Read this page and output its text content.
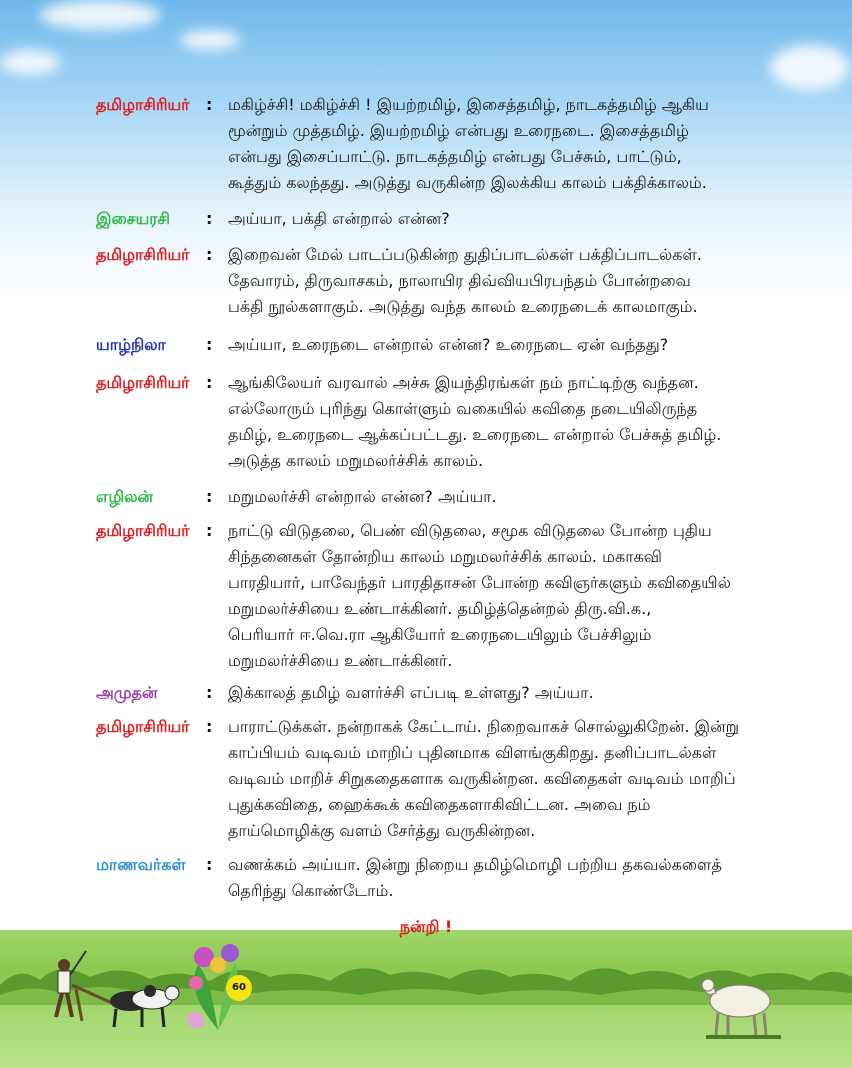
தமிழாசிரியர் : மகிழ்ச்சி! மகிழ்ச்சி ! இயற்றமிழ், இசைத்தமிழ், நாடகத்தமிழ் ஆகிய
மூன்றும் முத்தமிழ். இயற்றமிழ் என்பது உரைநடை. இசைத்தமிழ்
என்பது இசைப்பாட்டு. நாடகத்தமிழ் என்பது பேச்சும், பாட்டும்,
கூத்தும் கலந்தது. அடுத்து வருகின்ற இலக்கிய காலம் பக்திக்காலம்.
இசையரசி : அய்யா, பக்தி என்றால் என்ன?
தமிழாசிரியர் : இறைவன் மேல் பாடப்படுகின்ற துதிப்பாடல்கள் பக்திப்பாடல்கள்.
தேவாரம், திருவாசகம், நாலாயிர திவ்வியபிரபந்தம் போன்றவை
பக்தி நூல்களாகும். அடுத்து வந்த காலம் உரைநடைக் காலமாகும்.
யாழ்நிலா	: அய்யா, உரைநடை என்றால் என்ன? உரைநடை ஏன் வந்தது?
தமிழாசிரியர் : ஆங்கிலேயர் வரவால் அச்சு இயந்திரங்கள் நம் நாட்டிற்கு வந்தன.
எல்லோரும் புரிந்து கொள்ளும் வகையில் கவிதை நடையிலிருந்த
தமிழ், உரைநடை ஆக்கப்பட்டது. உரைநடை என்றால் பேச்சுத் தமிழ்.
அடுத்த காலம் மறுமலர்ச்சிக் காலம்.
எழிலன்	: மறுமலர்ச்சி என்றால் என்ன? அய்யா.
தமிழாசிரியர் : நாட்டு விடுதலை, பெண் விடுதலை, சமூக விடுதலை போன்ற புதிய
சிந்தனைகள் தோன்றிய காலம் மறுமலர்ச்சிக் காலம். மகாகவி
பாரதியார், பாவேந்தர் பாரதிதாசன் போன்ற கவிஞர்களும் கவிதையில்
மறுமலர்ச்சியை உண்டாக்கினர். தமிழ்த்தென்றல் திரு.வி.க.,
பெரியார் ஈ.வெ.ரா ஆகியோர் உரைநடையிலும் பேச்சிலும்
மறுமலர்ச்சியை உண்டாக்கினர்.
அமுதன்	: இக்காலத் தமிழ் வளர்ச்சி எப்படி உள்ளது? அய்யா.
தமிழாசிரியர் : பாராட்டுக்கள். நன்றாகக் கேட்டாய். நிறைவாகச் சொல்லுகிறேன். இன்று
காப்பியம் வடிவம் மாறிப் புதினமாக விளங்குகிறது. தனிப்பாடல்கள்
வடிவம் மாறிச் சிறுகதைகளாக வருகின்றன. கவிதைகள் வடிவம் மாறிப்
புதுக்கவிதை, ஹைக்கூக் கவிதைகளாகிவிட்டன. அவை நம்
தாய்மொழிக்கு வளம் சேர்த்து வருகின்றன.
மாணவர்கள் : வணக்கம் அய்யா. இன்று நிறைய தமிழ்மொழி பற்றிய தகவல்களைத்
தெரிந்து கொண்டோம்.
நன்றி !
60
